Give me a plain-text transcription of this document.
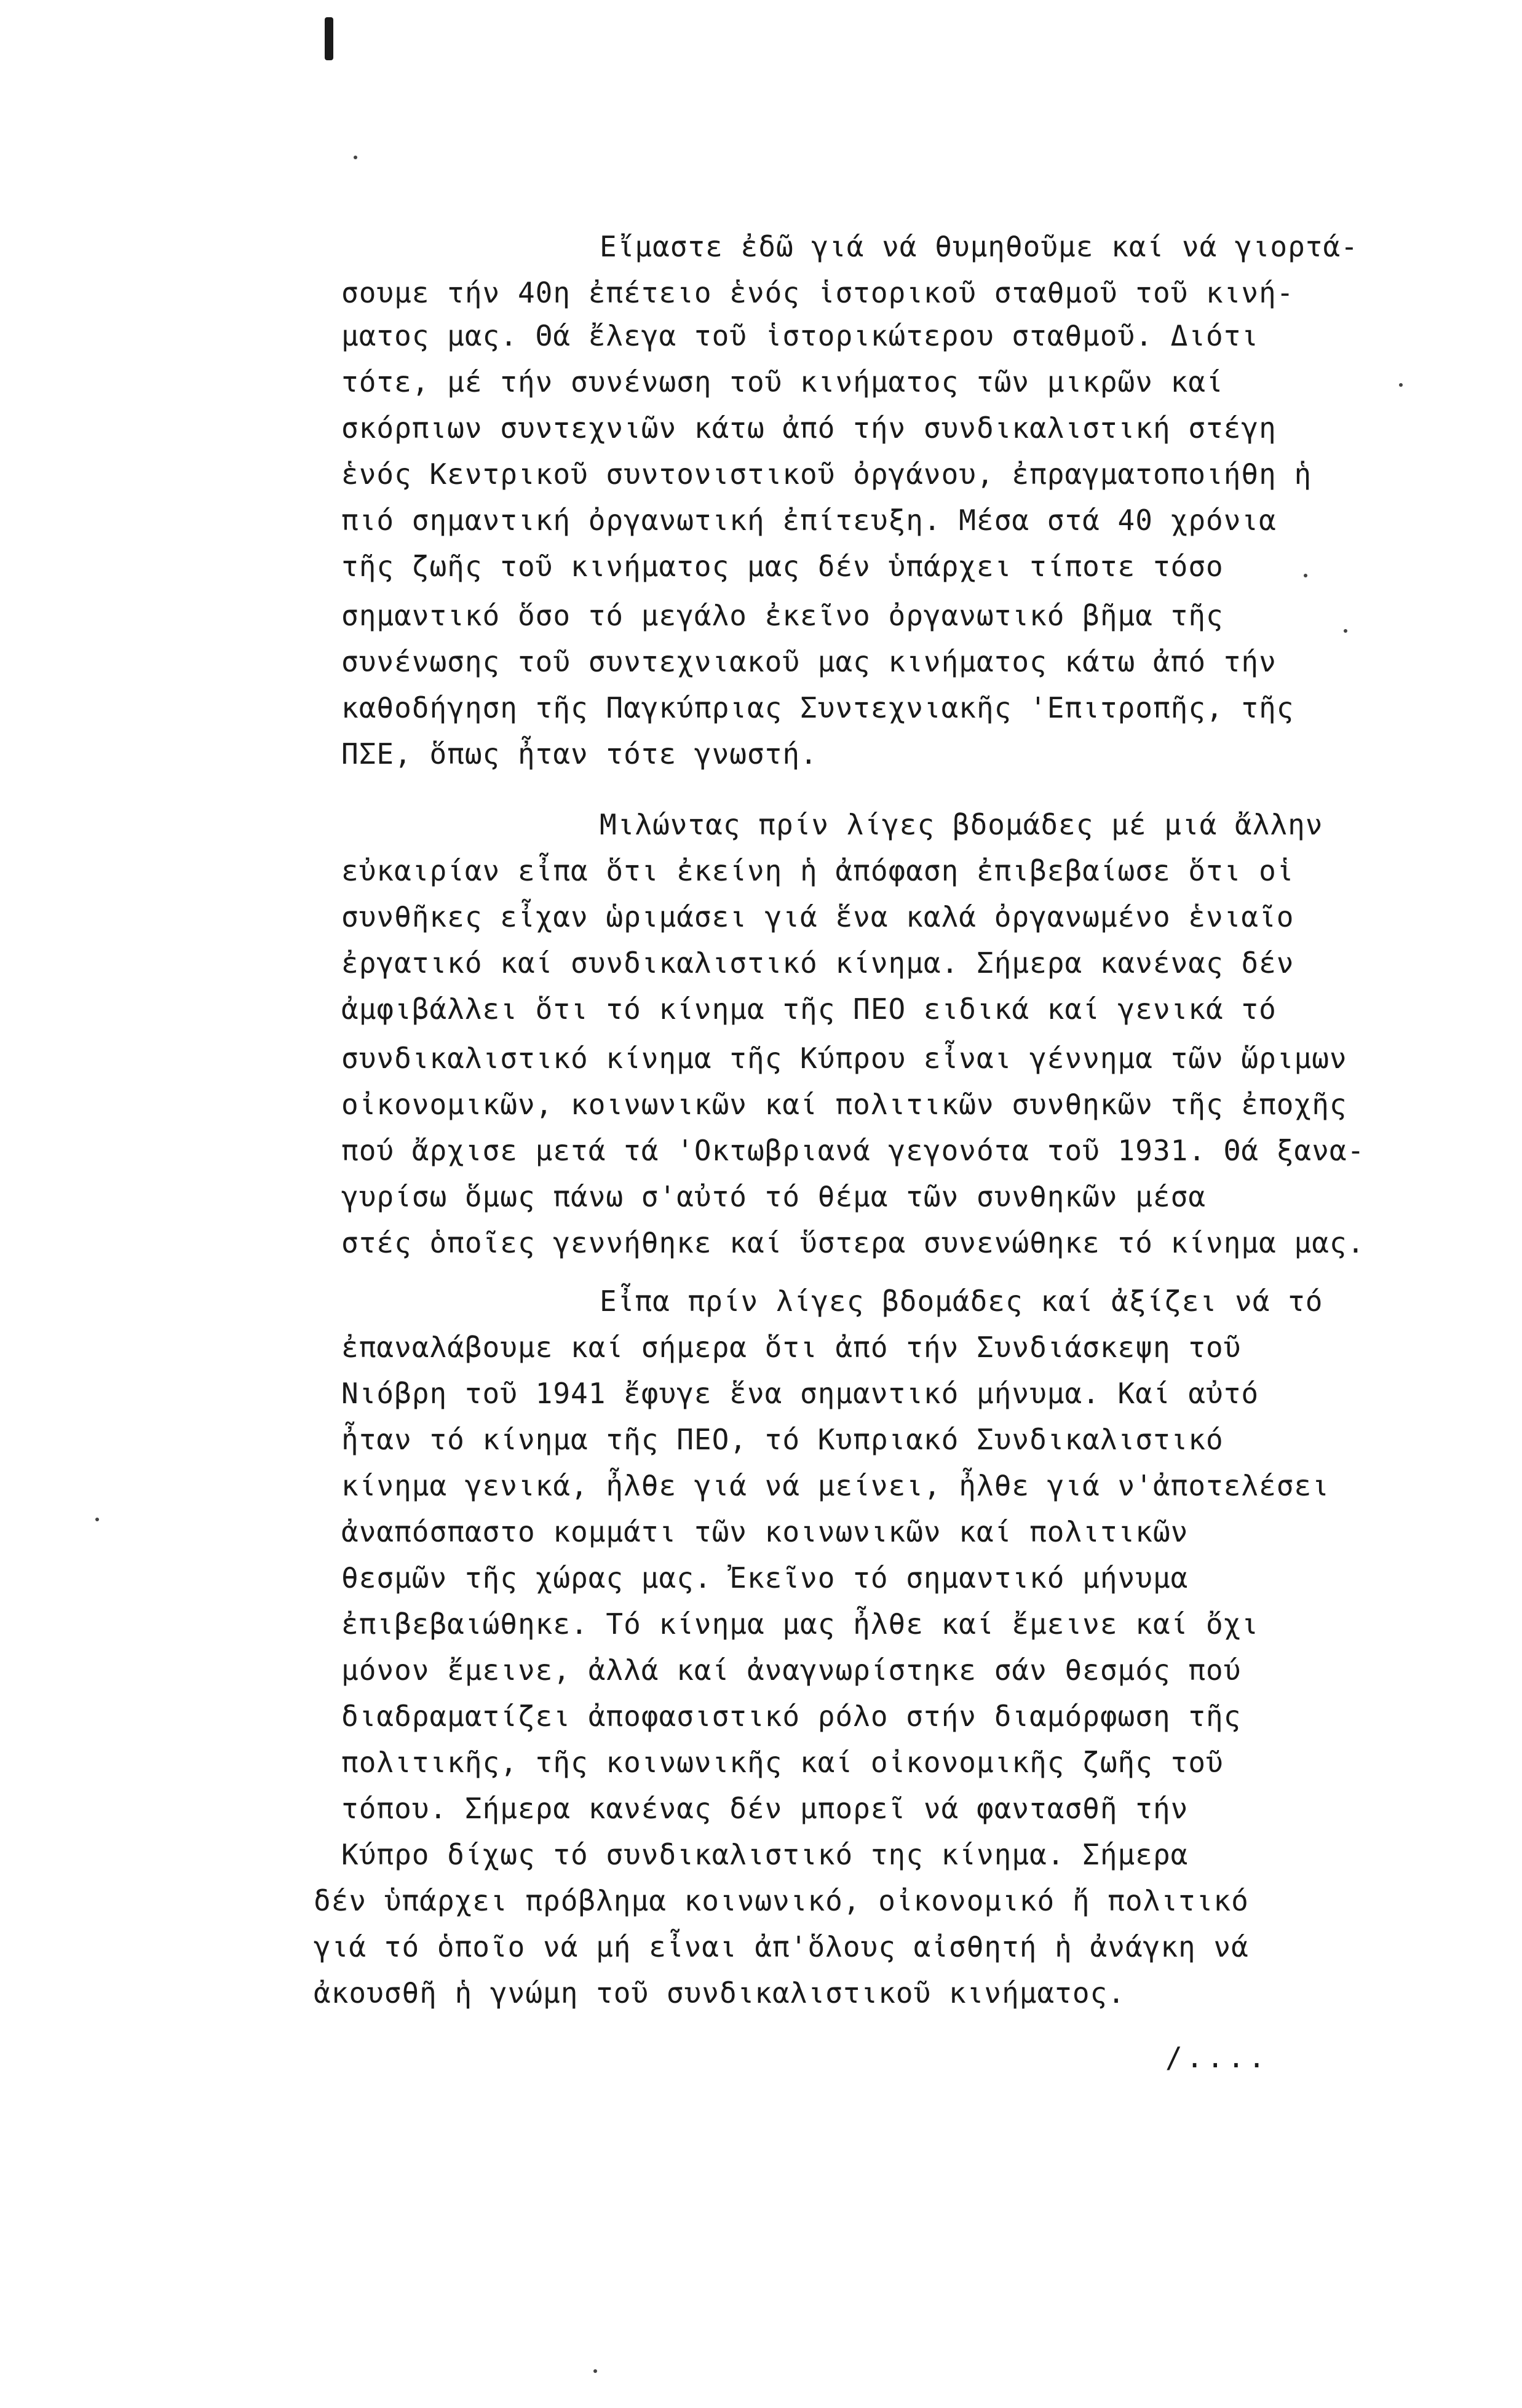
Εἴμαστε ἐδῶ γιά νά θυμηθοῦμε καί νά γιορτά-
σουμε τήν 40η ἐπέτειο ἑνός ἱστορικοῦ σταθμοῦ τοῦ κινή-
ματος μας. Θά ἔλεγα τοῦ ἱστορικώτερου σταθμοῦ. Διότι
τότε, μέ τήν συνένωση τοῦ κινήματος τῶν μικρῶν καί
σκόρπιων συντεχνιῶν κάτω ἀπό τήν συνδικαλιστική στέγη
ἑνός Κεντρικοῦ συντονιστικοῦ ὀργάνου, ἐπραγματοποιήθη ἡ
πιό σημαντική ὀργανωτική ἐπίτευξη. Μέσα στά 40 χρόνια
τῆς ζωῆς τοῦ κινήματος μας δέν ὑπάρχει τίποτε τόσο
σημαντικό ὅσο τό μεγάλο ἐκεῖνο ὀργανωτικό βῆμα τῆς
συνένωσης τοῦ συντεχνιακοῦ μας κινήματος κάτω ἀπό τήν
καθοδήγηση τῆς Παγκύπριας Συντεχνιακῆς 'Επιτροπῆς, τῆς
ΠΣΕ, ὅπως ἦταν τότε γνωστή.
Μιλώντας πρίν λίγες βδομάδες μέ μιά ἄλλην
εὐκαιρίαν εἶπα ὅτι ἐκείνη ἡ ἀπόφαση ἐπιβεβαίωσε ὅτι οἱ
συνθῆκες εἶχαν ὡριμάσει γιά ἕνα καλά ὀργανωμένο ἑνιαῖο
ἐργατικό καί συνδικαλιστικό κίνημα. Σήμερα κανένας δέν
ἀμφιβάλλει ὅτι τό κίνημα τῆς ΠΕΟ ειδικά καί γενικά τό
συνδικαλιστικό κίνημα τῆς Κύπρου εἶναι γέννημα τῶν ὥριμων
οἰκονομικῶν, κοινωνικῶν καί πολιτικῶν συνθηκῶν τῆς ἐποχῆς
πού ἄρχισε μετά τά 'Οκτωβριανά γεγονότα τοῦ 1931. Θά ξανα-
γυρίσω ὅμως πάνω σ'αὐτό τό θέμα τῶν συνθηκῶν μέσα
στές ὁποῖες γεννήθηκε καί ὕστερα συνενώθηκε τό κίνημα μας.
Εἶπα πρίν λίγες βδομάδες καί ἀξίζει νά τό
ἐπαναλάβουμε καί σήμερα ὅτι ἀπό τήν Συνδιάσκεψη τοῦ
Νιόβρη τοῦ 1941 ἔφυγε ἕνα σημαντικό μήνυμα. Καί αὐτό
ἦταν τό κίνημα τῆς ΠΕΟ, τό Κυπριακό Συνδικαλιστικό
κίνημα γενικά, ἦλθε γιά νά μείνει, ἦλθε γιά ν'ἀποτελέσει
ἀναπόσπαστο κομμάτι τῶν κοινωνικῶν καί πολιτικῶν
θεσμῶν τῆς χώρας μας. Ἐκεῖνο τό σημαντικό μήνυμα
ἐπιβεβαιώθηκε. Τό κίνημα μας ἦλθε καί ἔμεινε καί ὄχι
μόνον ἔμεινε, ἀλλά καί ἀναγνωρίστηκε σάν θεσμός πού
διαδραματίζει ἀποφασιστικό ρόλο στήν διαμόρφωση τῆς
πολιτικῆς, τῆς κοινωνικῆς καί οἰκονομικῆς ζωῆς τοῦ
τόπου. Σήμερα κανένας δέν μπορεῖ νά φαντασθῆ τήν
Κύπρο δίχως τό συνδικαλιστικό της κίνημα. Σήμερα
δέν ὑπάρχει πρόβλημα κοινωνικό, οἰκονομικό ἤ πολιτικό
γιά τό ὁποῖο νά μή εἶναι ἀπ'ὅλους αἰσθητή ἡ ἀνάγκη νά
ἀκουσθῆ ἡ γνώμη τοῦ συνδικαλιστικοῦ κινήματος.
/....
